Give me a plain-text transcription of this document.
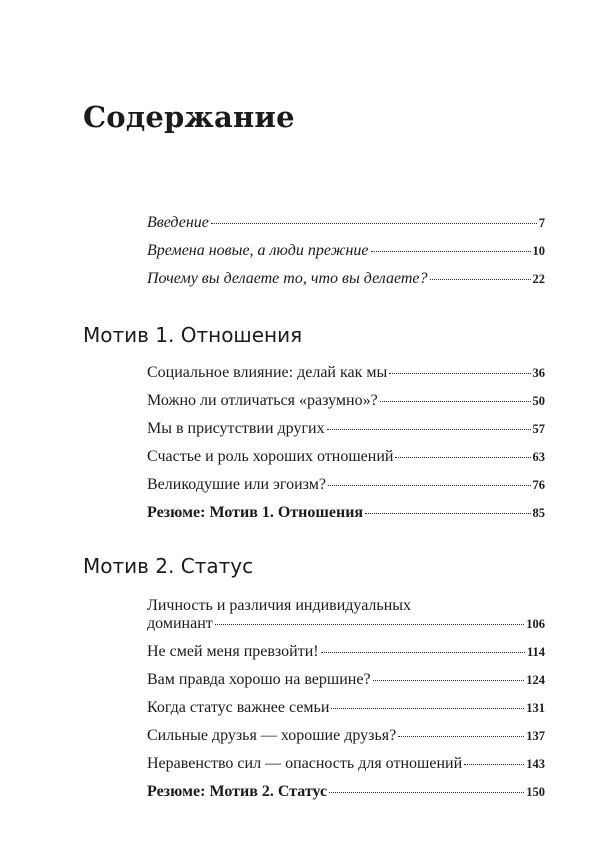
Содержание
Введение	7
Времена новые, а люди прежние	10
Почему вы делаете то, что вы делаете?	22
Мотив 1. Отношения
Социальное влияние: делай как мы	36
Можно ли отличаться «разумно»?	50
Мы в присутствии других	57
Счастье и роль хороших отношений	63
Великодушие или эгоизм?	76
Резюме: Мотив 1. Отношения	85
Мотив 2. Статус
Личность и различия индивидуальных
доминант	106
Не смей меня превзойти!	114
Вам правда хорошо на вершине?	124
Когда статус важнее семьи	131
Сильные друзья — хорошие друзья?	137
Неравенство сил — опасность для отношений	143
Резюме: Мотив 2. Статус	150
